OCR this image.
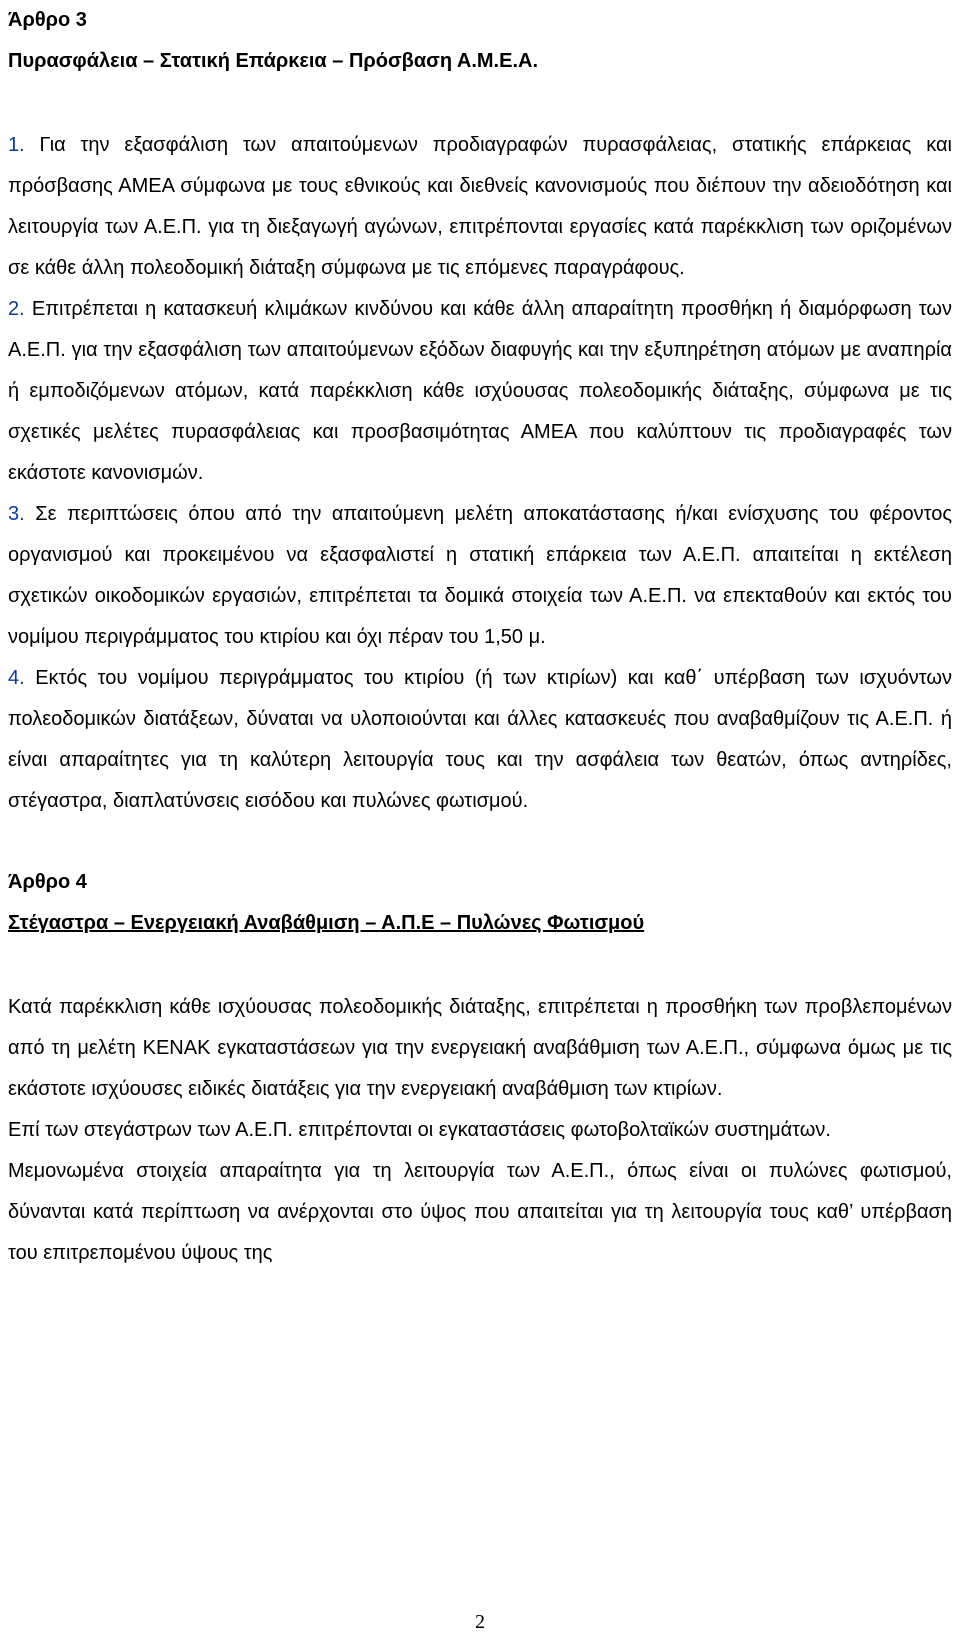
Άρθρο 3

Πυρασφάλεια – Στατική Επάρκεια – Πρόσβαση Α.Μ.Ε.Α.

1. Για την εξασφάλιση των απαιτούμενων προδιαγραφών πυρασφάλειας, στατικής επάρκειας και πρόσβασης ΑΜΕΑ σύμφωνα με τους εθνικούς και διεθνείς κανονισμούς που διέπουν την αδειοδότηση και λειτουργία των Α.Ε.Π. για τη διεξαγωγή αγώνων, επιτρέπονται εργασίες κατά παρέκκλιση των οριζομένων σε κάθε άλλη πολεοδομική διάταξη σύμφωνα με τις επόμενες παραγράφους.

2. Επιτρέπεται η κατασκευή κλιμάκων κινδύνου και κάθε άλλη απαραίτητη προσθήκη ή διαμόρφωση των Α.Ε.Π. για την εξασφάλιση των απαιτούμενων εξόδων διαφυγής και την εξυπηρέτηση ατόμων με αναπηρία ή εμποδιζόμενων ατόμων, κατά παρέκκλιση κάθε ισχύουσας πολεοδομικής διάταξης, σύμφωνα με τις σχετικές μελέτες πυρασφάλειας και προσβασιμότητας ΑΜΕΑ που καλύπτουν τις προδιαγραφές των εκάστοτε κανονισμών.

3. Σε περιπτώσεις όπου από την απαιτούμενη μελέτη αποκατάστασης ή/και ενίσχυσης του φέροντος οργανισμού και προκειμένου να εξασφαλιστεί η στατική επάρκεια των Α.Ε.Π. απαιτείται η εκτέλεση σχετικών οικοδομικών εργασιών, επιτρέπεται τα δομικά στοιχεία των Α.Ε.Π. να επεκταθούν και εκτός του νομίμου περιγράμματος του κτιρίου και όχι πέραν του 1,50 μ.

4. Εκτός του νομίμου περιγράμματος του κτιρίου (ή των κτιρίων) και καθ΄ υπέρβαση των ισχυόντων πολεοδομικών διατάξεων, δύναται να υλοποιούνται και άλλες κατασκευές που αναβαθμίζουν τις Α.Ε.Π. ή είναι απαραίτητες για τη καλύτερη λειτουργία τους και την ασφάλεια των θεατών, όπως αντηρίδες, στέγαστρα, διαπλατύνσεις εισόδου και πυλώνες φωτισμού.

Άρθρο 4

Στέγαστρα – Ενεργειακή Αναβάθμιση – Α.Π.Ε – Πυλώνες Φωτισμού

Κατά παρέκκλιση κάθε ισχύουσας πολεοδομικής διάταξης, επιτρέπεται η προσθήκη των προβλεπομένων από τη μελέτη ΚΕΝΑΚ εγκαταστάσεων για την ενεργειακή αναβάθμιση των Α.Ε.Π., σύμφωνα όμως με τις εκάστοτε ισχύουσες ειδικές διατάξεις για την ενεργειακή αναβάθμιση των κτιρίων.

Επί των στεγάστρων των Α.Ε.Π. επιτρέπονται οι εγκαταστάσεις φωτοβολταϊκών συστημάτων.

Μεμονωμένα στοιχεία απαραίτητα για τη λειτουργία των Α.Ε.Π., όπως είναι οι πυλώνες φωτισμού, δύνανται κατά περίπτωση να ανέρχονται στο ύψος που απαιτείται για τη λειτουργία τους καθ’ υπέρβαση του επιτρεπομένου ύψους της

2
